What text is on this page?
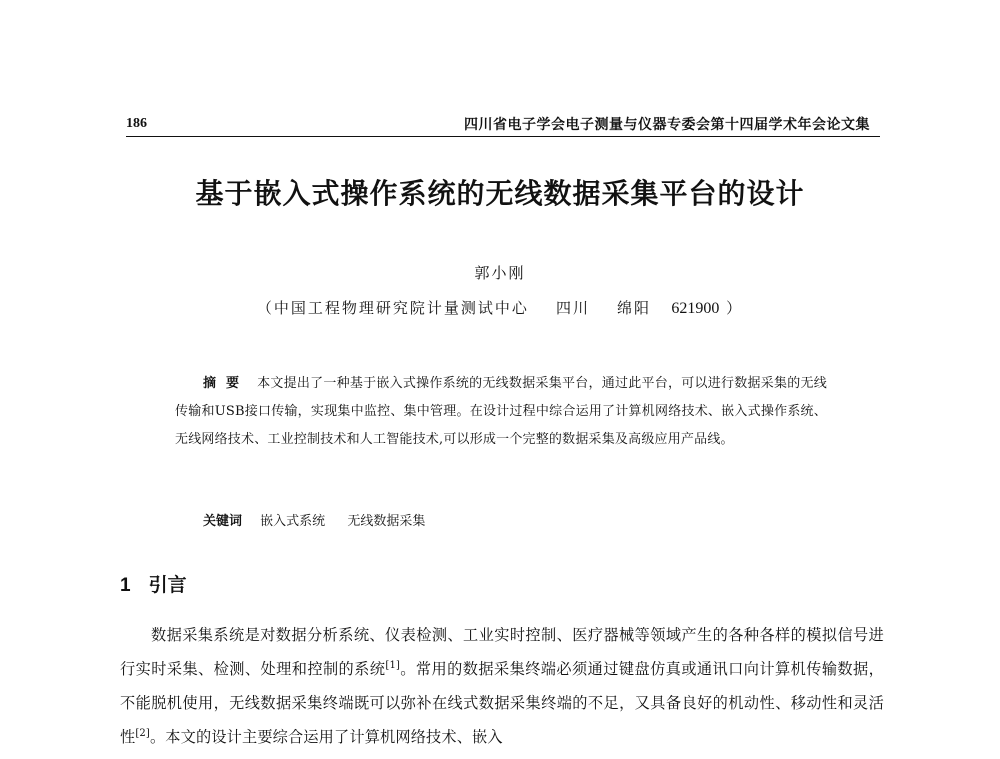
186	四川省电子学会电子测量与仪器专委会第十四届学术年会论文集
基于嵌入式操作系统的无线数据采集平台的设计
郭小刚
（中国工程物理研究院计量测试中心 四川 绵阳 621900 ）
摘要 本文提出了一种基于嵌入式操作系统的无线数据采集平台，通过此平台，可以进行数据采集的无线传输和USB接口传输，实现集中监控、集中管理。在设计过程中综合运用了计算机网络技术、嵌入式操作系统、无线网络技术、工业控制技术和人工智能技术,可以形成一个完整的数据采集及高级应用产品线。
关键词 嵌入式系统 无线数据采集
1 引言

数据采集系统是对数据分析系统、仪表检测、工业实时控制、医疗器械等领域产生的各种各样的模拟信号进行实时采集、检测、处理和控制的系统[1]。常用的数据采集终端必须通过键盘仿真或通讯口向计算机传输数据，不能脱机使用，无线数据采集终端既可以弥补在线式数据采集终端的不足，又具备良好的机动性、移动性和灵活性[2]。本文的设计主要综合运用了计算机网络技术、嵌入
